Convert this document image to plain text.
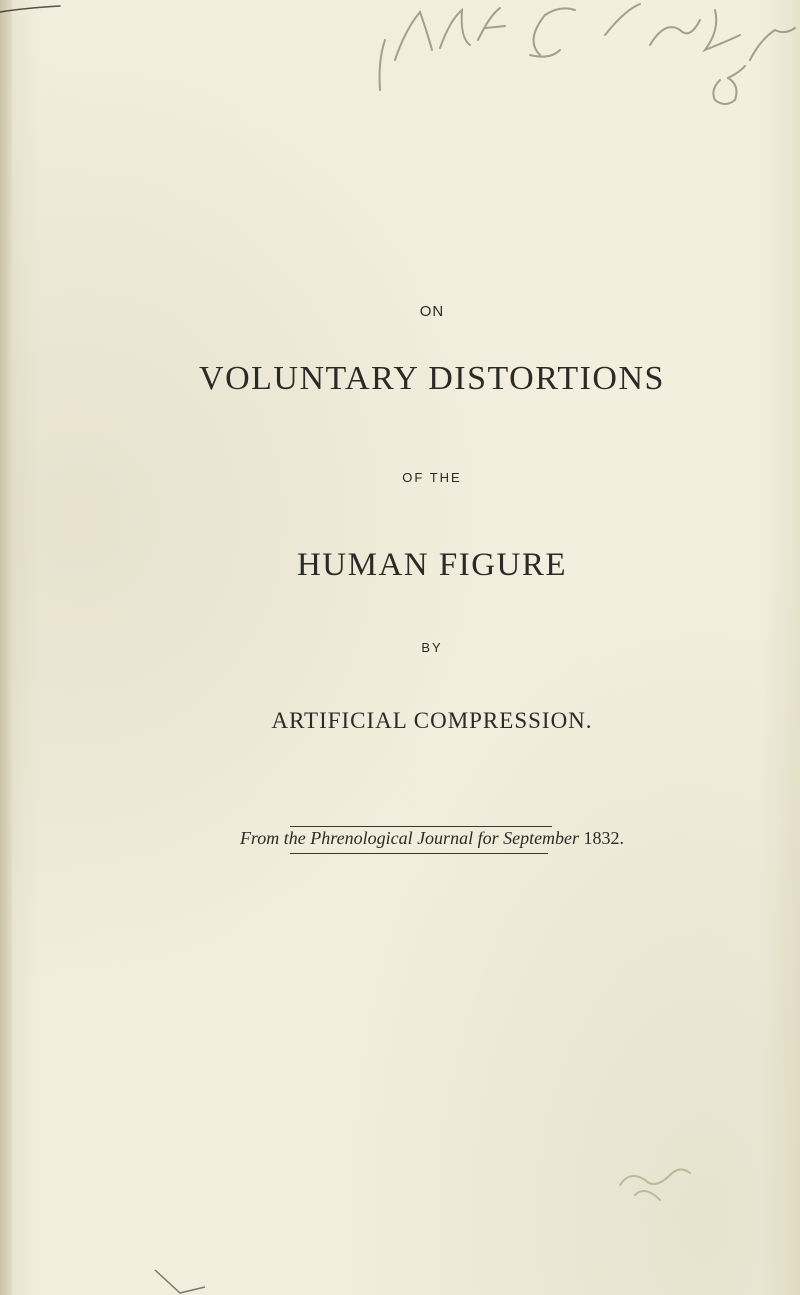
ON
VOLUNTARY DISTORTIONS
OF THE
HUMAN FIGURE
BY
ARTIFICIAL COMPRESSION.
From the Phrenological Journal for September 1832.
